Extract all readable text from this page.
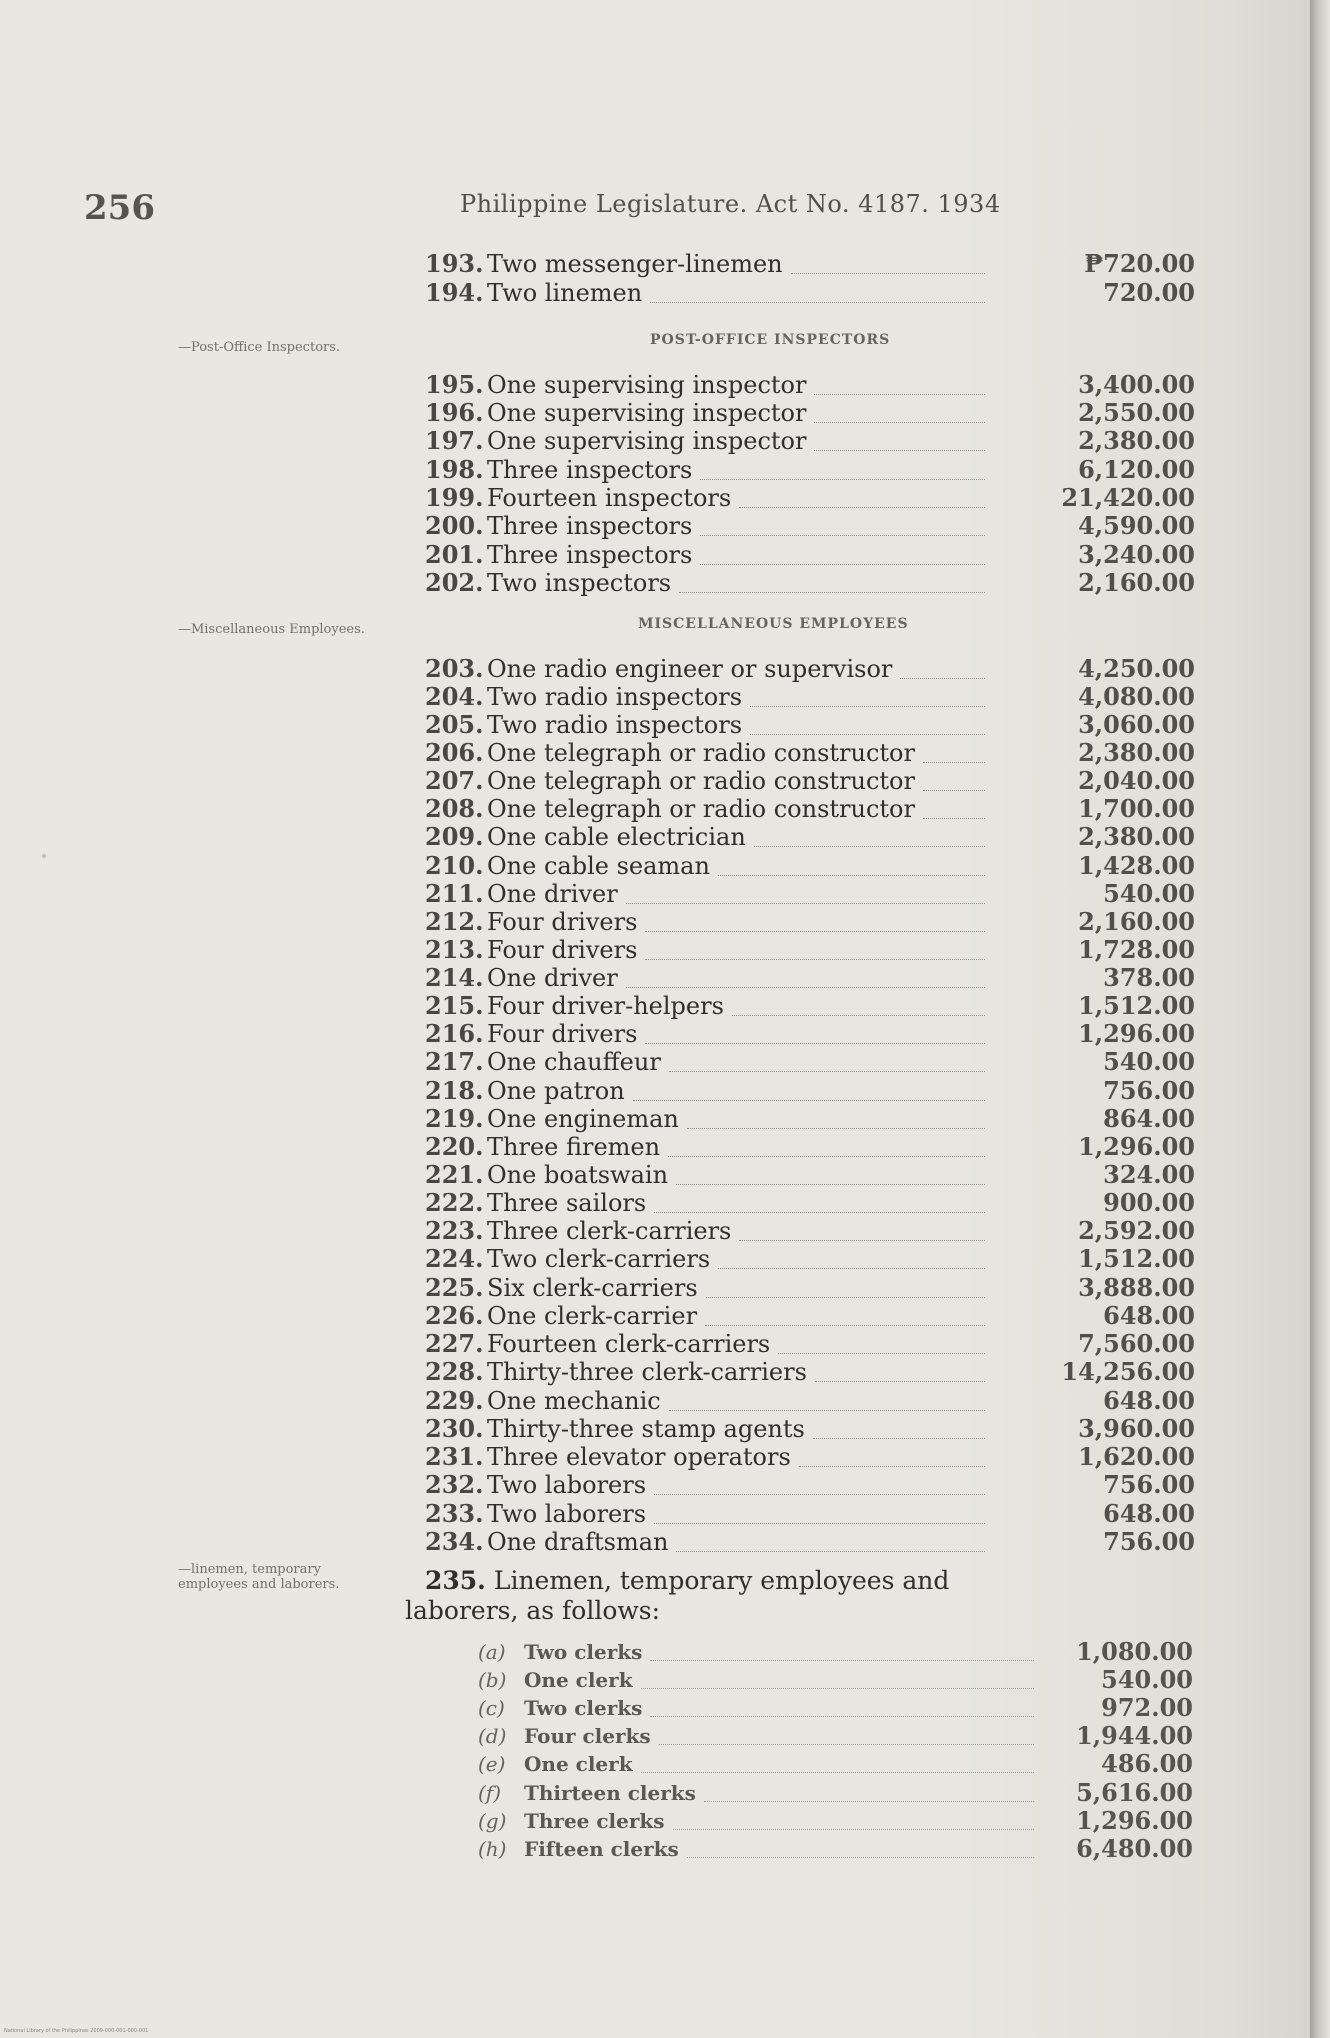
256	Philippine Legislature. Act No. 4187. 1934
—Post-Office Inspectors.
—Miscellaneous Employees.
—linemen, temporary employees and laborers.
POST-OFFICE INSPECTORS
MISCELLANEOUS EMPLOYEES
193. Two messenger-linemen	₱720.00
194. Two linemen	720.00
195. One supervising inspector	3,400.00
196. One supervising inspector	2,550.00
197. One supervising inspector	2,380.00
198. Three inspectors	6,120.00
199. Fourteen inspectors	21,420.00
200. Three inspectors	4,590.00
201. Three inspectors	3,240.00
202. Two inspectors	2,160.00
203. One radio engineer or supervisor	4,250.00
204. Two radio inspectors	4,080.00
205. Two radio inspectors	3,060.00
206. One telegraph or radio constructor	2,380.00
207. One telegraph or radio constructor	2,040.00
208. One telegraph or radio constructor	1,700.00
209. One cable electrician	2,380.00
210. One cable seaman	1,428.00
211. One driver	540.00
212. Four drivers	2,160.00
213. Four drivers	1,728.00
214. One driver	378.00
215. Four driver-helpers	1,512.00
216. Four drivers	1,296.00
217. One chauffeur	540.00
218. One patron	756.00
219. One engineman	864.00
220. Three firemen	1,296.00
221. One boatswain	324.00
222. Three sailors	900.00
223. Three clerk-carriers	2,592.00
224. Two clerk-carriers	1,512.00
225. Six clerk-carriers	3,888.00
226. One clerk-carrier	648.00
227. Fourteen clerk-carriers	7,560.00
228. Thirty-three clerk-carriers	14,256.00
229. One mechanic	648.00
230. Thirty-three stamp agents	3,960.00
231. Three elevator operators	1,620.00
232. Two laborers	756.00
233. Two laborers	648.00
234. One draftsman	756.00
235. Linemen, temporary employees and laborers, as follows:
(a) Two clerks	1,080.00
(b) One clerk	540.00
(c) Two clerks	972.00
(d) Four clerks	1,944.00
(e) One clerk	486.00
(f)	Thirteen clerks	5,616.00
(g) Three clerks	1,296.00
(h) Fifteen clerks	6,480.00
National Library of the Philippines 2009-000-001-000-001
